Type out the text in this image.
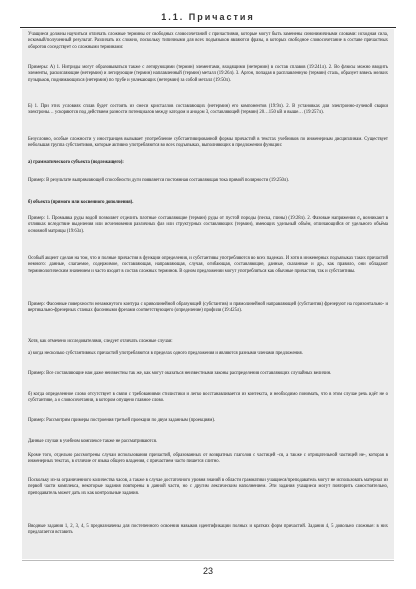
1.1. Причастия

Учащиеся должны научиться отличать сложные термины от свободных словосочетаний с причастиями, которые могут быть заменены синонимичными словами: исходная сила, искомый/полученный результат. Различать их сложно, поскольку типичными для всех подъязыков являются фразы, в которых свободное словосочетание в составе причастных оборотов соседствует со сложными терминами:

Примеры: А) 1. Нитриды могут образовываться также с легирующими (термин) элементами, входящими (нетермин) в состав сплавов (19:241л). 2. Во флюсы можно вводить элементы, раскисляющие (нетермин) и легирующие (термин) наплавленный (термин) металл (19:26л). 3. Аргон, попадая в расплавленную (термин) сталь, образует взвесь мелких пузырьков, поднимающихся (нетермин) по трубе и увлекающих (нетермин) за собой металл (19:50л).

Б) 1. При этих условиях сплав будет состоять из смеси кристаллов составляющих (нетермин) его компонентов (19:9л). 2. В установках для электронно-лучевой сварки электроны… ускоряются под действием разности потенциалов между катодом и анодом 3, составляющей (термин) 20…150 кВ и выше… (19:257л).

Безусловно, особые сложности у иностранцев вызывает употребление субстантивированной формы причастий в текстах учебников по инженерным дисциплинам. Существует небольшая группа субстантивов, которые активно употребляются во всех подъязыках, выполняющих в предложении функции:

а) грамматического субъекта (подлежащего):

Пример: В результате выпрямляющей способности дуги появляется постоянная составляющая тока прямой полярности (19:250л).

б) объекта (прямого или косвенного дополнения).

Пример: 1. Промывка руды водой позволяет отделить плотные составляющие (термин) руды от пустой породы (песка, глины) (19:28л). 2. Фазовые напряжения σ₀ возникают в отливках вследствие выделения или исчезновения различных фаз или структурных составляющих (термин), имеющих удельный объём, отличающийся от удельного объёма основной матрицы (19:63л).

Особый акцент сделан на том, что и полные причастия в функции определения, и субстантивы употребляются во всех падежах. И хотя в инженерных подъязыках таких причастий немного: данные, слагаемое, содержимое, составляющая, направляющая, случая, огибающая, составляющие, данные, сказанные и др., как правило, они обладают терминологическим значением и часто входят в состав сложных терминов. В одном предложении могут употребляться как обычные причастия, так и субстантивы.

Пример: Фасонные поверхности незамкнутого контура с криволинейной образующей (субстантив) и прямолинейной направляющей (субстантив) фрезеруют на горизонтально- и вертикально-фрезерных станках фасонными фрезами соответствующего (определение) профиля (19:425л).

Хотя, как отмечено исследователями, следует отличать сложные случаи:

а) когда несколько субстантивных причастий употребляются в пределах одного предложения и являются разными членами предложения.

Пример: Все составляющие нам даже неизвестны так же, как могут оказаться неизвестными законы распределения составляющих случайных величин.

б) когда определенное слово отсутствует в связи с требованиями стилистики и легко восстанавливается из контекста, и необходимо понимать, что в этом случае речь идёт не о субстантиве, а о словосочетании, в котором опущено главное слово.

Пример: Рассмотрим примеры построения третьей проекции по двум заданным (проекциям).

Данные случаи в учебном комплексе также не рассматриваются.

Кроме того, отдельно рассмотрены случаи использования причастий, образованных от возвратных глаголов с частицей -ся, а также с отрицательной частицей не-, которая в инженерных текстах, в отличие от языка общего владения, с причастием часто пишется слитно.

Поскольку из-за ограниченного количества часов, а также в случае достаточного уровня знаний в области грамматики учащиеся/преподаватель могут не использовать материал из первой части комплекса, некоторые задания повторены в данной части, но с другим лексическим наполнением. Эти задания учащиеся могут повторить самостоятельно, преподаватель может дать их как контрольные задания.

Вводные задания 1, 2, 3, 4, 5 предназначены для постепенного освоения навыков идентификации полных и кратких форм причастий. Задания 4, 5 довольно сложные: в них предлагается вставить

23
